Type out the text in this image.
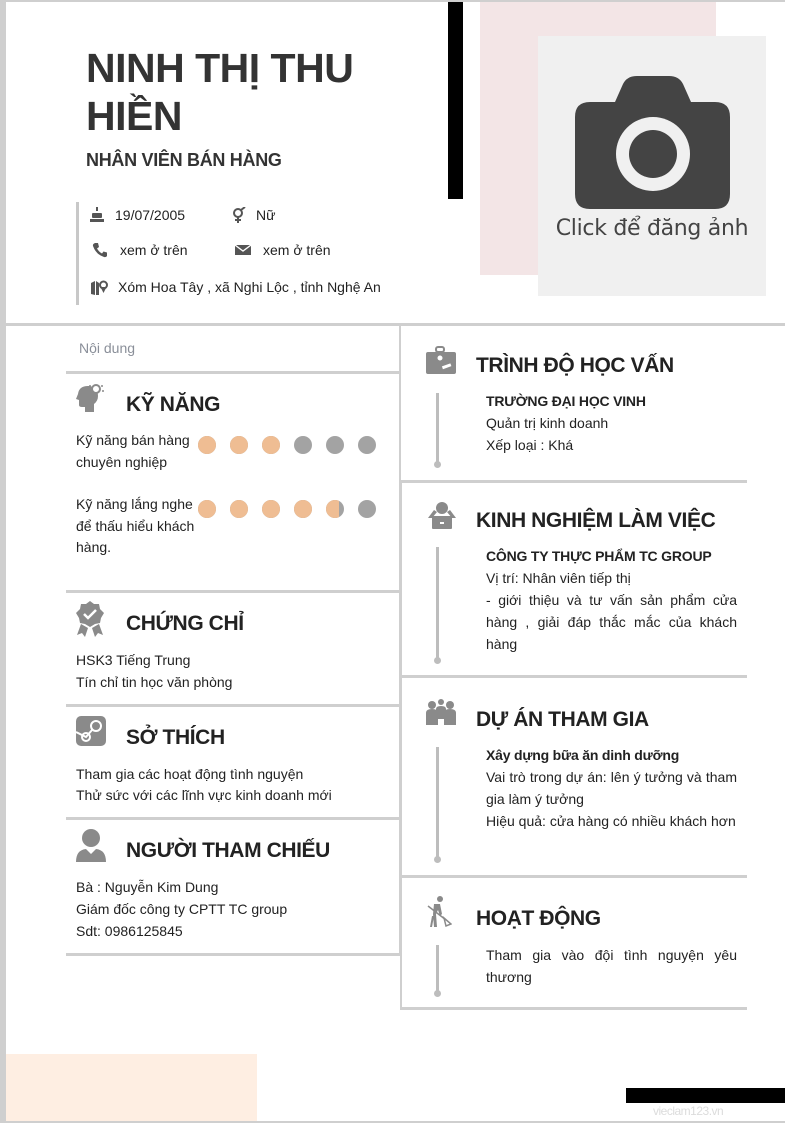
NINH THỊ THU HIỀN
NHÂN VIÊN BÁN HÀNG
Click để đăng ảnh
19/07/2005	Nữ
xem ở trên	xem ở trên
Xóm Hoa Tây , xã Nghi Lộc , tỉnh Nghệ An
Nội dung
KỸ NĂNG
Kỹ năng bán hàng chuyên nghiệp
Kỹ năng lắng nghe để thấu hiểu khách hàng.
CHỨNG CHỈ
HSK3 Tiếng Trung
Tín chỉ tin học văn phòng
SỞ THÍCH
Tham gia các hoạt động tình nguyện
Thử sức với các lĩnh vực kinh doanh mới
NGƯỜI THAM CHIẾU
Bà : Nguyễn Kim Dung
Giám đốc công ty CPTT TC group
Sdt: 0986125845
TRÌNH ĐỘ HỌC VẤN
TRƯỜNG ĐẠI HỌC VINH
Quản trị kinh doanh
Xếp loại : Khá
KINH NGHIỆM LÀM VIỆC
CÔNG TY THỰC PHẨM TC GROUP
Vị trí: Nhân viên tiếp thị
- giới thiệu và tư vấn sản phẩm cửa hàng , giải đáp thắc mắc của khách hàng
DỰ ÁN THAM GIA
Xây dựng bữa ăn dinh dưỡng
Vai trò trong dự án: lên ý tưởng và tham gia làm ý tưởng
Hiệu quả: cửa hàng có nhiều khách hơn
HOẠT ĐỘNG
Tham gia vào đội tình nguyện yêu thương
vieclam123.vn
